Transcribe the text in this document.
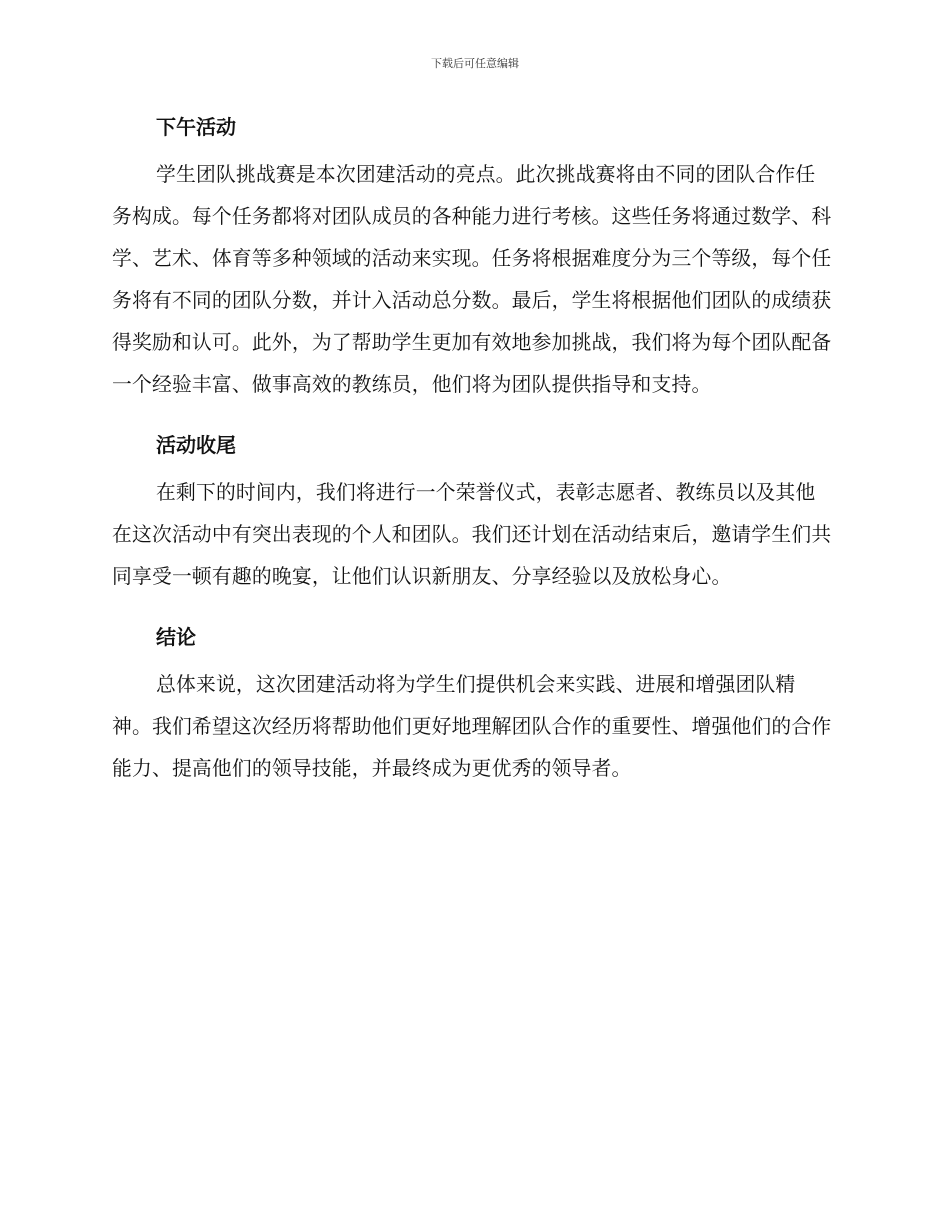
下载后可任意编辑
下午活动

学生团队挑战赛是本次团建活动的亮点。此次挑战赛将由不同的团队合作任务构成。每个任务都将对团队成员的各种能力进行考核。这些任务将通过数学、科学、艺术、体育等多种领域的活动来实现。任务将根据难度分为三个等级，每个任务将有不同的团队分数，并计入活动总分数。最后，学生将根据他们团队的成绩获得奖励和认可。此外，为了帮助学生更加有效地参加挑战，我们将为每个团队配备一个经验丰富、做事高效的教练员，他们将为团队提供指导和支持。

活动收尾

在剩下的时间内，我们将进行一个荣誉仪式，表彰志愿者、教练员以及其他在这次活动中有突出表现的个人和团队。我们还计划在活动结束后，邀请学生们共同享受一顿有趣的晚宴，让他们认识新朋友、分享经验以及放松身心。

结论

总体来说，这次团建活动将为学生们提供机会来实践、进展和增强团队精神。我们希望这次经历将帮助他们更好地理解团队合作的重要性、增强他们的合作能力、提高他们的领导技能，并最终成为更优秀的领导者。
